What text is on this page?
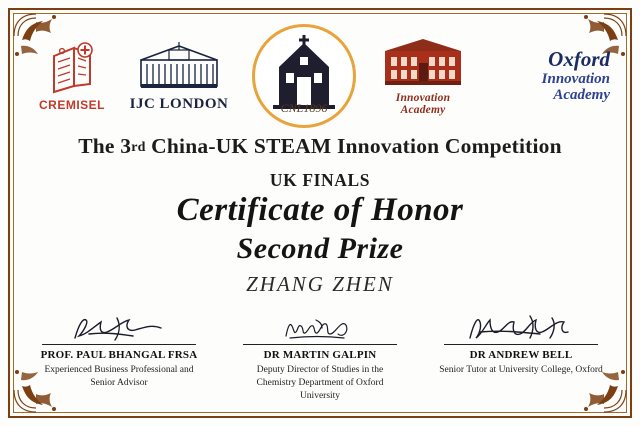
CREMISEL	IJC LONDON	CNL1896
Innovation Academy
Oxford
Innovation Academy
The 3rd China-UK STEAM Innovation Competition
UK FINALS
Certificate of Honor
Second Prize
ZHANG ZHEN
PROF. PAUL BHANGAL FRSA
Experienced Business Professional and Senior Advisor
DR MARTIN GALPIN
Deputy Director of Studies in the Chemistry Department of Oxford University
DR ANDREW BELL
Senior Tutor at University College, Oxford
